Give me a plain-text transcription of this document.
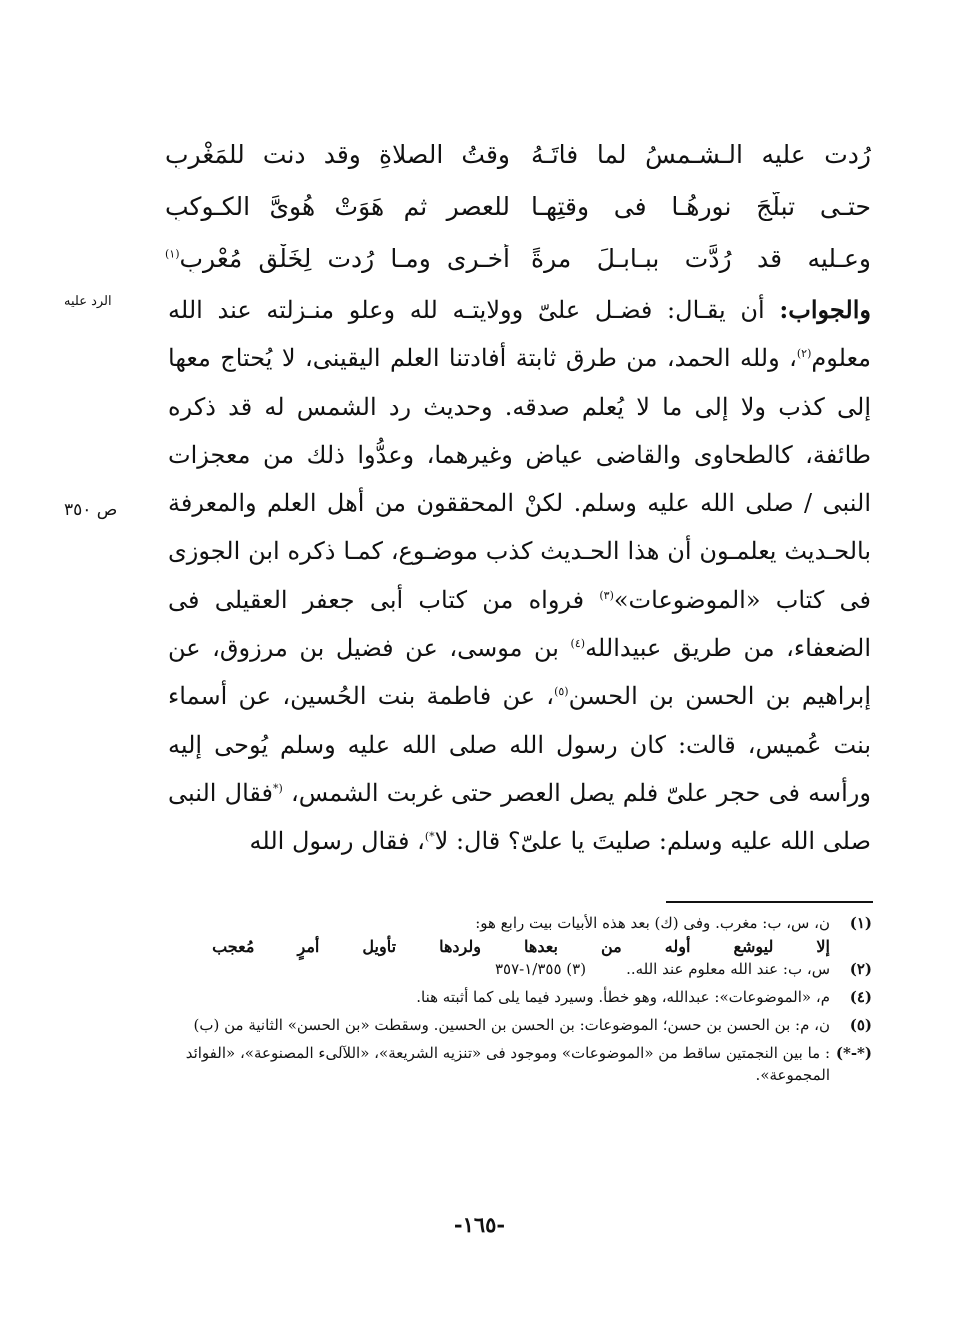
رُدت عليه الـشـمسُ لما فاتَـهُ
وقتُ الصلاةِ وقد دنت للمَغْربِ
حتـى تبلَّجَ نورهُـا فى وقتِهـا
للعصرِ ثم هَوَتْ هُوِىَّ الكـوكبِ
وعـليه قد رُدَّت ببـابـلَ مرةً
أخـرى ومـا رُدت لِخَلْقٍ مُعْربِ$^{(١)}$
الرد عليه
ص ٣٥٠
والجواب: أن يقـال: فضـل علىّ وولايتـه لله وعلو منـزلته عند الله معلوم$^{(٢)}$، ولله الحمد، من طرق ثابتة أفادتنا العلم اليقينى، لا يُحتاج معها إلى كذب ولا إلى ما لا يُعلم صدقه. وحديث رد الشمس له قد ذكره طائفة، كالطحاوى والقاضى عياض وغيرهما، وعدُّوا ذلك من معجزات النبى / صلى الله عليه وسلم. لكنْ المحققون من أهل العلم والمعرفة بالحـديث يعلمـون أن هذا الحـديث كذب موضـوع، كمـا ذكره ابن الجوزى فى كتاب «الموضوعات»$^{(٣)}$ فرواه من كتاب أبى جعفر العقيلى فى الضعفاء، من طريق عبيدالله$^{(٤)}$ بن موسى، عن فضيل بن مرزوق، عن إبراهيم بن الحسن بن الحسن$^{(٥)}$، عن فاطمة بنت الحُسين، عن أسماء بنت عُميس، قالت: كان رسول الله صلى الله عليه وسلم يُوحى إليه ورأسه فى حجر علىّ فلم يصل العصر حتى غربت الشمس، (*فقال النبى صلى الله عليه وسلم: صليتَ يا علىّ؟ قال: لا*)، فقال رسول الله
(١)
ن، س، ب: مغرب. وفى (ك) بعد هذه الأبيات بيت رابع هو:
إلا
ليوشع
أوله
من
بعدها
ولردها
تأويل
أمرٍ
مُعجب
(٢)
س، ب: عند الله معلوم عند الله..(٣) ١/٣٥٥-٣٥٧
(٤)
م، «الموضوعات»: عبدالله، وهو خطأ. وسيرد فيما يلى كما أثبته هنا.
(٥)
ن، م: بن الحسن بن حسن؛ الموضوعات: بن الحسن بن الحسين. وسقطت «بن الحسن» الثانية من (ب)
(*-*)
: ما بين النجمتين ساقط من «الموضوعات» وموجود فى «تنزيه الشريعة»، «اللآلىء المصنوعة»، «الفوائد المجموعة».
-١٦٥-
